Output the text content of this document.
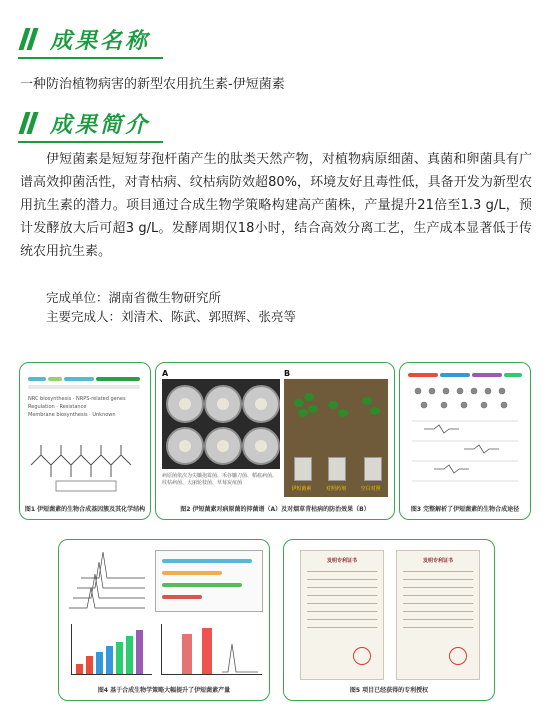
成果名称
一种防治植物病害的新型农用抗生素-伊短菌素
成果简介

伊短菌素是短短芽孢杆菌产生的肽类天然产物，对植物病原细菌、真菌和卵菌具有广谱高效抑菌活性，对青枯病、纹枯病防效超80%，环境友好且毒性低，具备开发为新型农用抗生素的潜力。项目通过合成生物学策略构建高产菌株，产量提升21倍至1.3 g/L，预计发酵放大后可超3 g/L。发酵周期仅18小时，结合高效分离工艺，生产成本显著低于传统农用抗生素。

完成单位：湖南省微生物研究所
主要完成人：刘清术、陈武、郭照辉、张亮等
NRC biosynthesis · NRPS-related genes
Regulation · Resistance
Membrane biosynthesis · Unknown
图1 伊短菌素的生物合成基因簇及其化学结构
A
病原菌依次为尖镰孢霉菌、禾谷镰刀菌、稻瘟病菌、纹枯病菌、大丽轮枝菌、草莓炭疽菌
B
伊短菌素	对照药剂	空白对照
图2 伊短菌素对病原菌的抑菌谱（A）及对烟草青枯病的防治效果（B）	图3 完整解析了伊短菌素的生物合成途径
图4 基于合成生物学策略大幅提升了伊短菌素产量
发明专利证书	发明专利证书
图5 项目已经获得的专利授权
